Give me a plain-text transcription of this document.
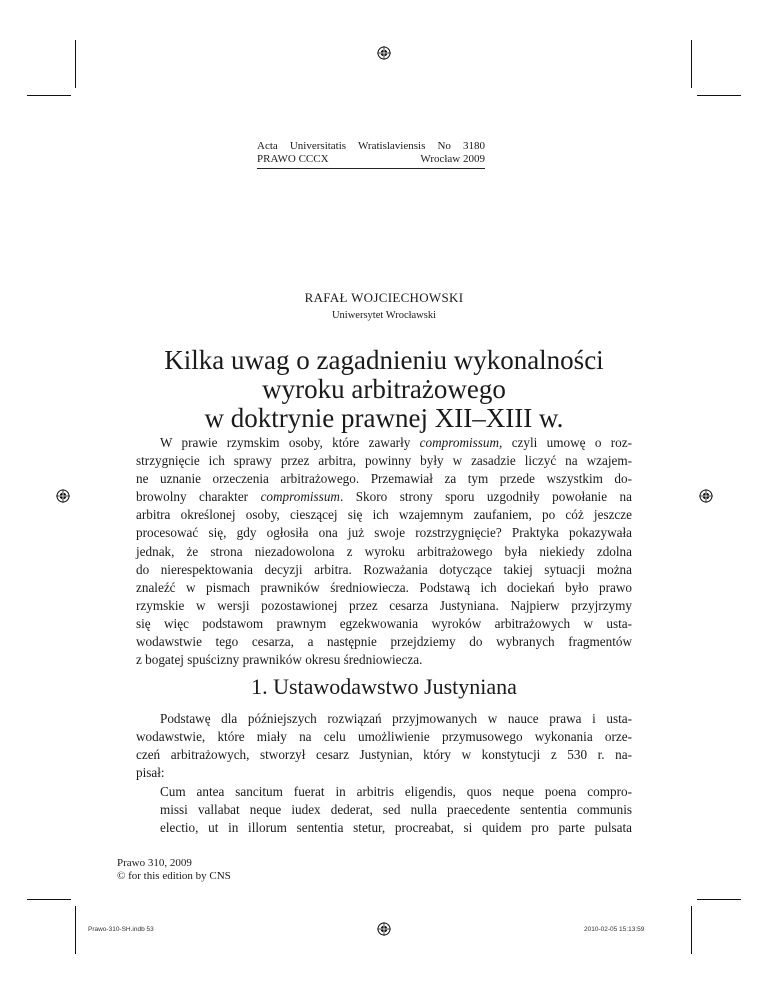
Acta Universitatis Wratislaviensis No 3180
PRAWO CCCX	Wrocław 2009
RAFAŁ WOJCIECHOWSKI
Uniwersytet Wrocławski
Kilka uwag o zagadnieniu wykonalności
wyroku arbitrażowego
w doktrynie prawnej XII–XIII w.
W prawie rzymskim osoby, które zawarły compromissum, czyli umowę o roz-
strzygnięcie ich sprawy przez arbitra, powinny były w zasadzie liczyć na wzajem-
ne uznanie orzeczenia arbitrażowego. Przemawiał za tym przede wszystkim do-
browolny charakter compromissum. Skoro strony sporu uzgodniły powołanie na
arbitra określonej osoby, cieszącej się ich wzajemnym zaufaniem, po cóż jeszcze
procesować się, gdy ogłosiła ona już swoje rozstrzygnięcie? Praktyka pokazywała
jednak, że strona niezadowolona z wyroku arbitrażowego była niekiedy zdolna
do nierespektowania decyzji arbitra. Rozważania dotyczące takiej sytuacji można
znaleźć w pismach prawników średniowiecza. Podstawą ich dociekań było prawo
rzymskie w wersji pozostawionej przez cesarza Justyniana. Najpierw przyjrzymy
się więc podstawom prawnym egzekwowania wyroków arbitrażowych w usta-
wodawstwie tego cesarza, a następnie przejdziemy do wybranych fragmentów
z bogatej spuścizny prawników okresu średniowiecza.
1. Ustawodawstwo Justyniana
Podstawę dla późniejszych rozwiązań przyjmowanych w nauce prawa i usta-
wodawstwie, które miały na celu umożliwienie przymusowego wykonania orze-
czeń arbitrażowych, stworzył cesarz Justynian, który w konstytucji z 530 r. na-
pisał:
Cum antea sancitum fuerat in arbitris eligendis, quos neque poena compro-
missi vallabat neque iudex dederat, sed nulla praecedente sententia communis
electio, ut in illorum sententia stetur, procreabat, si quidem pro parte pulsata
Prawo 310, 2009
© for this edition by CNS
Prawo-310-SH.indb 53	2010-02-05 15:13:59
